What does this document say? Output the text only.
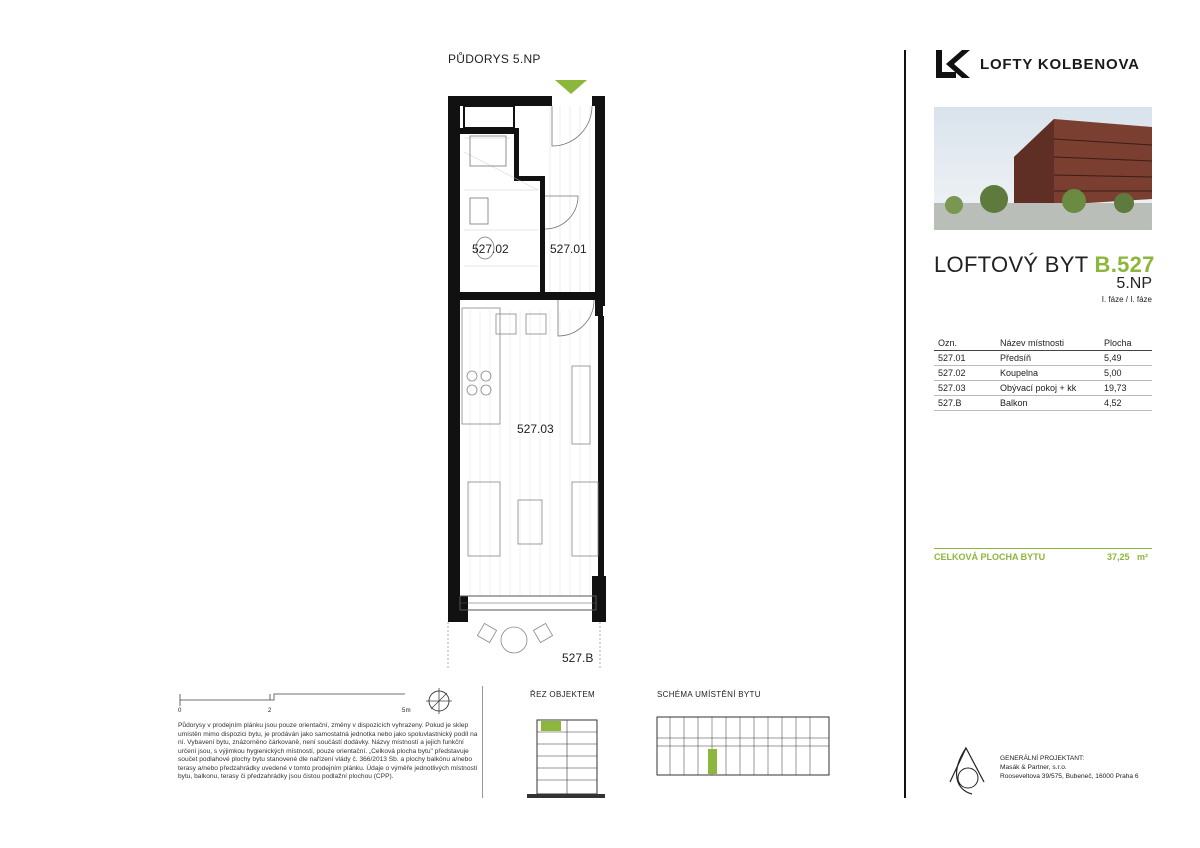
PŮDORYS 5.NP
527.02	527.01
527.03
527.B
0	2	5m
Půdorysy v prodejním plánku jsou pouze orientační, změny v dispozicích vyhrazeny. Pokud je sklep umístěn mimo dispozici bytu, je prodáván jako samostatná jednotka nebo jako spoluvlastnický podíl na ní. Vybavení bytu, znázorněno čárkovaně, není součástí dodávky. Názvy místností a jejich funkční určení jsou, s výjimkou hygienických místností, pouze orientační. „Celková plocha bytu" představuje součet podlahové plochy bytu stanovené dle nařízení vlády č. 366/2013 Sb. a plochy balkónu a/nebo terasy a/nebo předzahrádky uvedené v tomto prodejním plánku. Údaje o výměře jednotlivých místností bytu, balkonu, terasy či předzahrádky jsou čistou podlažní plochou (CPP).
ŘEZ OBJEKTEM	SCHÉMA UMÍSTĚNÍ BYTU
LOFTY KOLBENOVA
LOFTOVÝ BYT B.527
5.NP
I. fáze / I. fáze
Ozn.	Název místnosti	Plocha
527.01	Předsíň	5,49
527.02	Koupelna	5,00
527.03	Obývací pokoj + kk	19,73
527.B	Balkon	4,52
CELKOVÁ PLOCHA BYTU	37,25 m²
GENERÁLNÍ PROJEKTANT:
Masák & Partner, s.r.o.
Rooseveltova 39/575, Bubeneč, 16000 Praha 6
